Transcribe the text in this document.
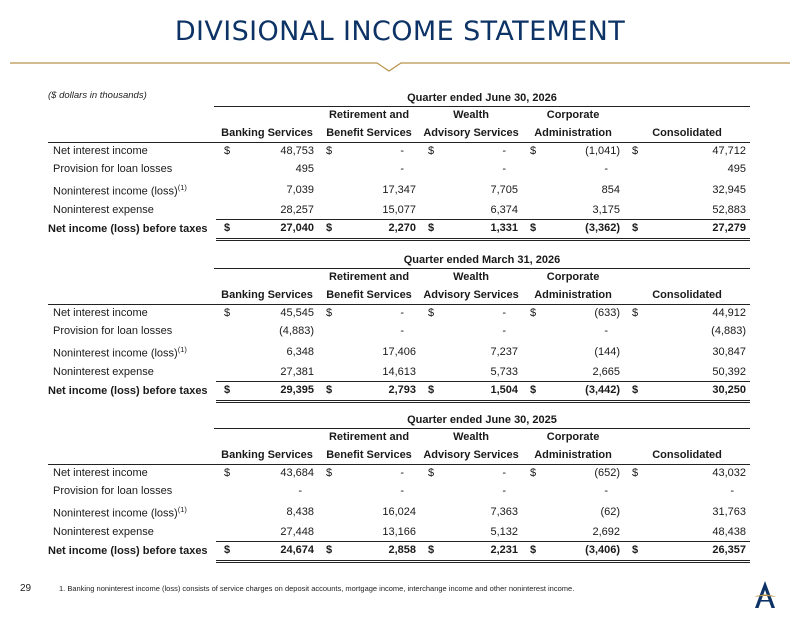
DIVISIONAL INCOME STATEMENT
($ dollars in thousands)	Quarter ended June 30, 2026
			Retirement and		Wealth		Corporate			
	Banking Services		Benefit Services		Advisory Services		Administration		Consolidated	
Net interest income	$	48,753	$	-	$	-	$	(1,041)	$	47,712
Provision for loan losses		495		-		-		-		495
Noninterest income (loss)$^{(1)}$		7,039		17,347		7,705		854		32,945
Noninterest expense		28,257		15,077		6,374		3,175		52,883
Net income (loss) before taxes	$	27,040	$	2,270	$	1,331	$	(3,362)	$	27,279
Quarter ended March 31, 2026
			Retirement and		Wealth		Corporate			
	Banking Services		Benefit Services		Advisory Services		Administration		Consolidated	
Net interest income	$	45,545	$	-	$	-	$	(633)	$	44,912
Provision for loan losses		(4,883)		-		-		-		(4,883)
Noninterest income (loss)$^{(1)}$		6,348		17,406		7,237		(144)		30,847
Noninterest expense		27,381		14,613		5,733		2,665		50,392
Net income (loss) before taxes	$	29,395	$	2,793	$	1,504	$	(3,442)	$	30,250
Quarter ended June 30, 2025
			Retirement and		Wealth		Corporate			
	Banking Services		Benefit Services		Advisory Services		Administration		Consolidated	
Net interest income	$	43,684	$	-	$	-	$	(652)	$	43,032
Provision for loan losses		-		-		-		-		-
Noninterest income (loss)$^{(1)}$		8,438		16,024		7,363		(62)		31,763
Noninterest expense		27,448		13,166		5,132		2,692		48,438
Net income (loss) before taxes	$	24,674	$	2,858	$	2,231	$	(3,406)	$	26,357
29	1. Banking noninterest income (loss) consists of service charges on deposit accounts, mortgage income, interchange income and other noninterest income.
